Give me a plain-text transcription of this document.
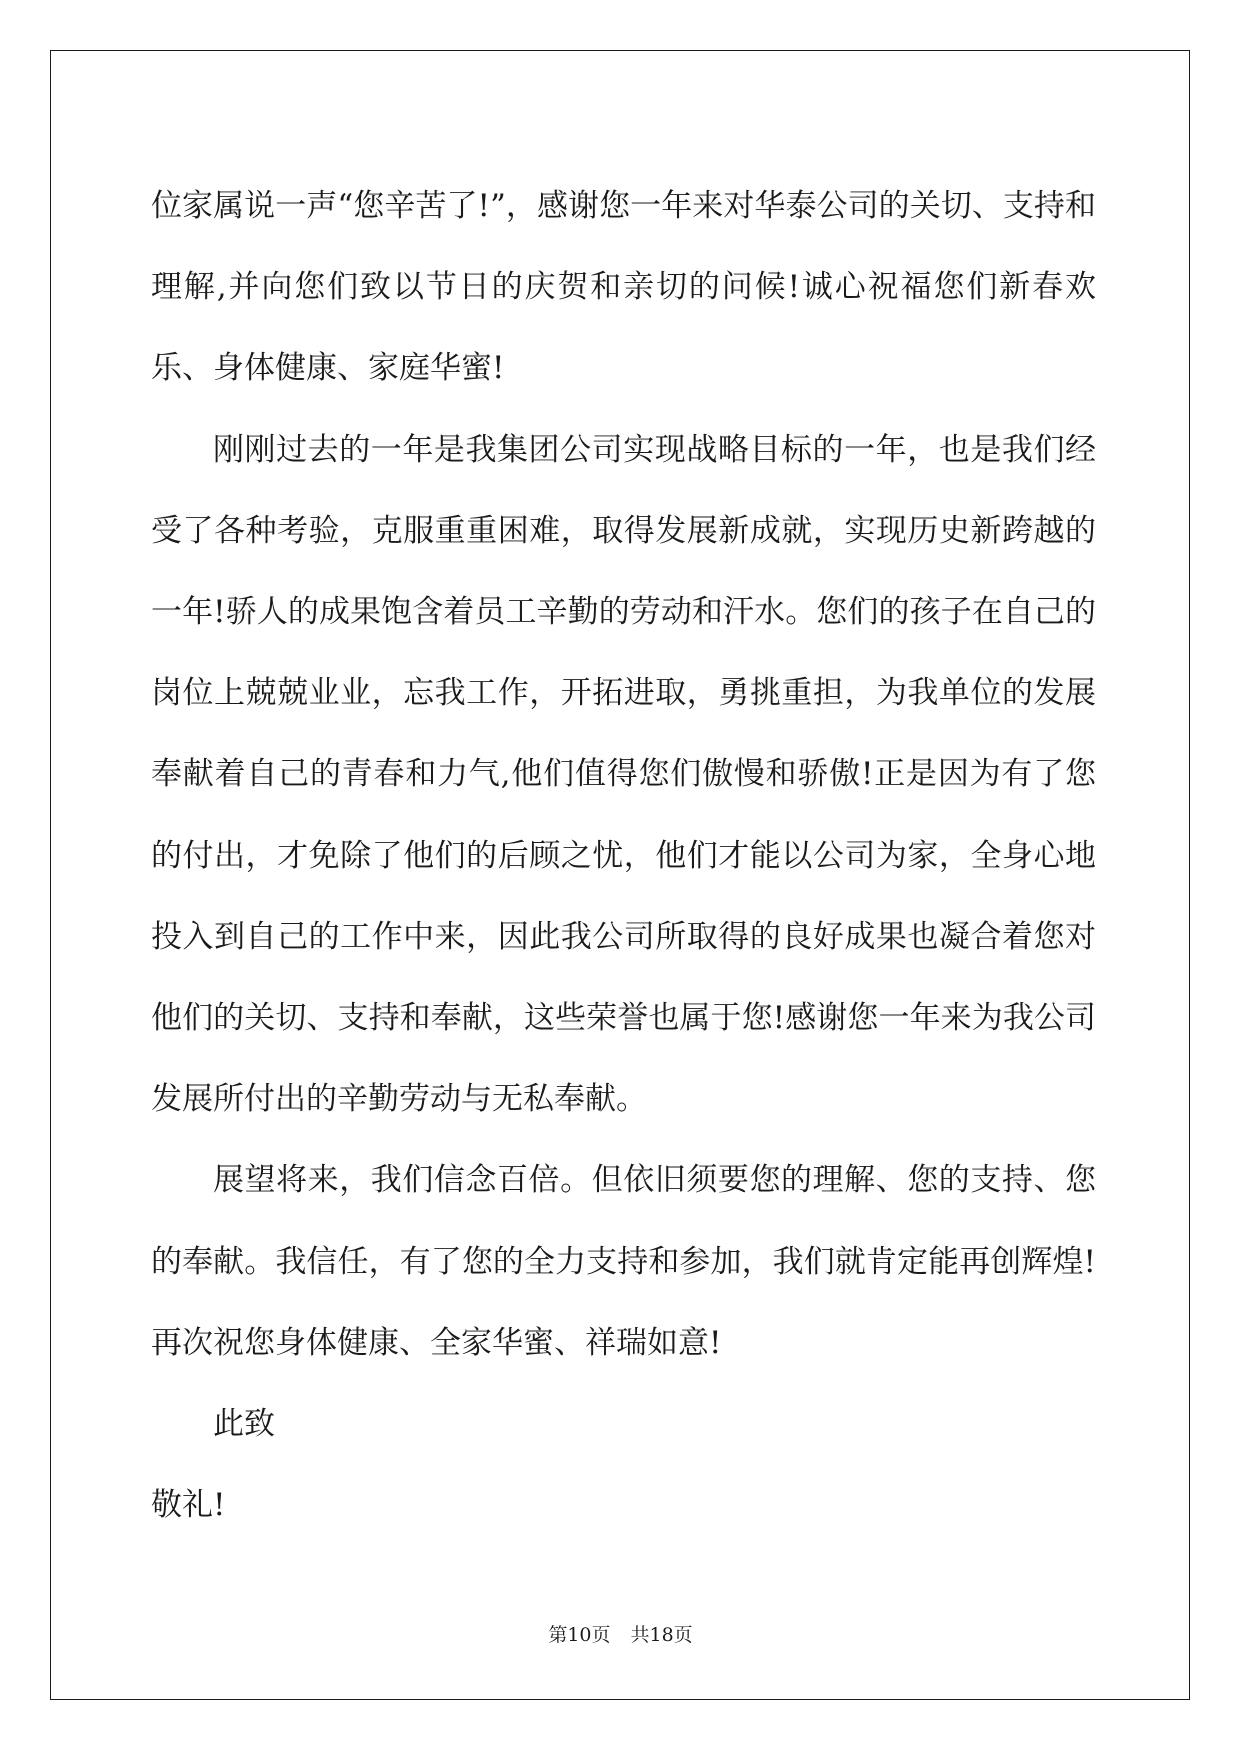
位家属说一声“您辛苦了!”，感谢您一年来对华泰公司的关切、支持和理解,并向您们致以节日的庆贺和亲切的问候!诚心祝福您们新春欢乐、身体健康、家庭华蜜!

刚刚过去的一年是我集团公司实现战略目标的一年，也是我们经受了各种考验，克服重重困难，取得发展新成就，实现历史新跨越的一年!骄人的成果饱含着员工辛勤的劳动和汗水。您们的孩子在自己的岗位上兢兢业业，忘我工作，开拓进取，勇挑重担，为我单位的发展奉献着自己的青春和力气,他们值得您们傲慢和骄傲!正是因为有了您的付出，才免除了他们的后顾之忧，他们才能以公司为家，全身心地投入到自己的工作中来，因此我公司所取得的良好成果也凝合着您对他们的关切、支持和奉献，这些荣誉也属于您!感谢您一年来为我公司发展所付出的辛勤劳动与无私奉献。

展望将来，我们信念百倍。但依旧须要您的理解、您的支持、您的奉献。我信任，有了您的全力支持和参加，我们就肯定能再创辉煌!再次祝您身体健康、全家华蜜、祥瑞如意!

此致

敬礼!

第10页 共18页
